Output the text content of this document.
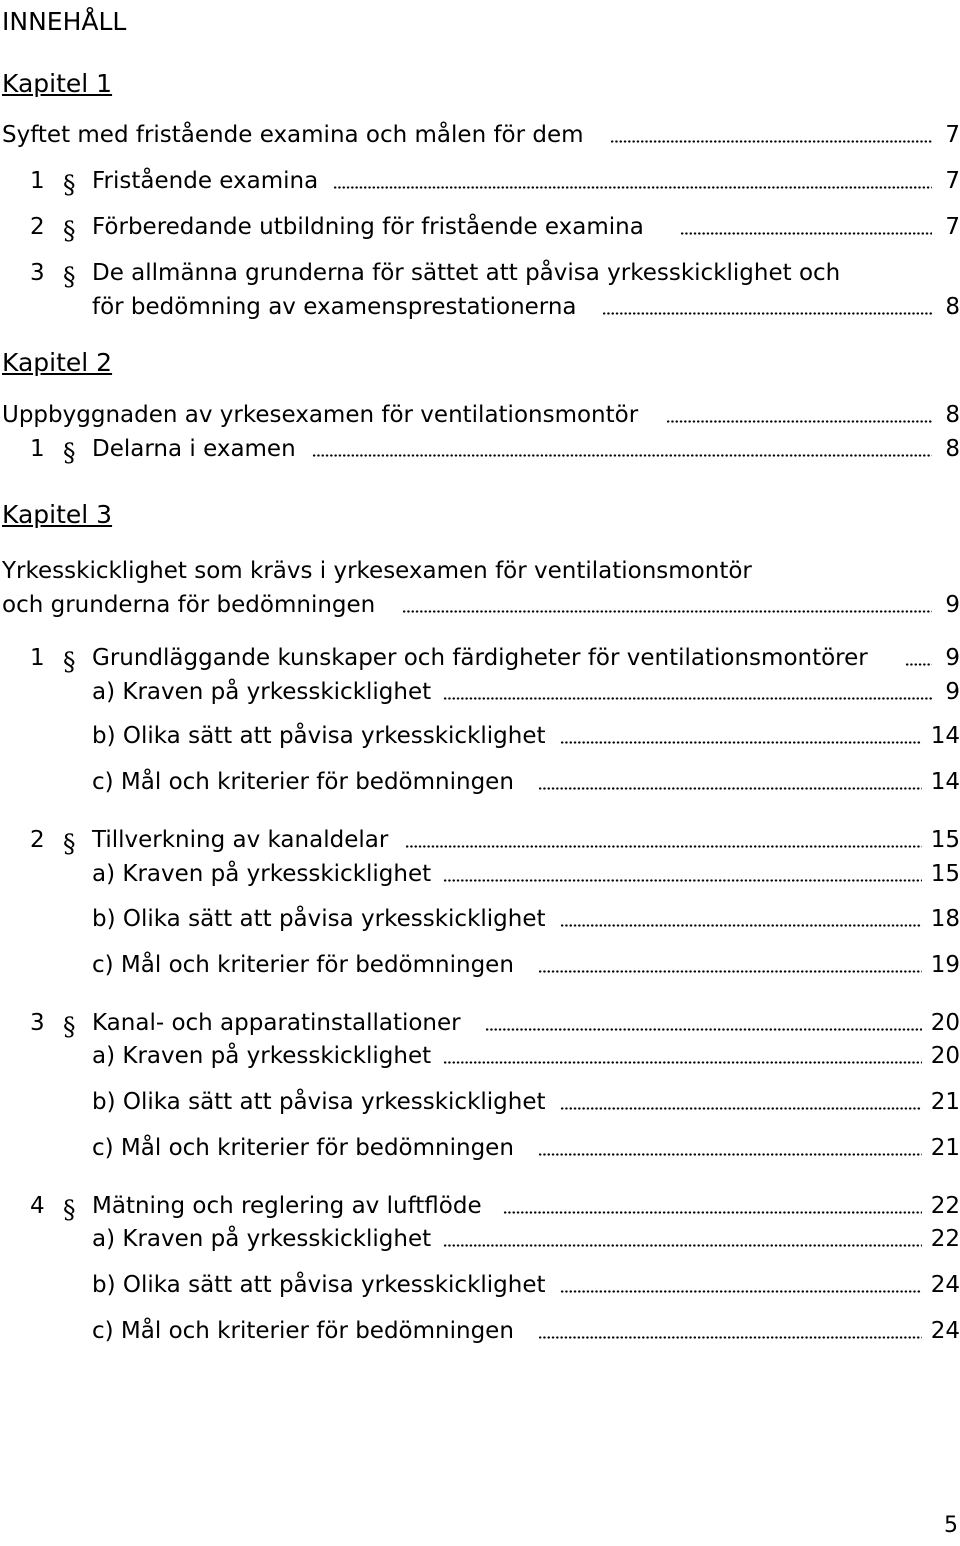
INNEHÅLL
Kapitel 1
Syftet med fristående examina och målen för dem	7
1 § Fristående examina	7
2 § Förberedande utbildning för fristående examina	7
3 § De allmänna grunderna för sättet att påvisa yrkesskicklighet och
för bedömning av examensprestationerna	8
Kapitel 2
Uppbyggnaden av yrkesexamen för ventilationsmontör	8
1 § Delarna i examen	8
Kapitel 3
Yrkesskicklighet som krävs i yrkesexamen för ventilationsmontör
och grunderna för bedömningen	9
1 § Grundläggande kunskaper och färdigheter för ventilationsmontörer	9
a) Kraven på yrkesskicklighet	9
b) Olika sätt att påvisa yrkesskicklighet	14
c) Mål och kriterier för bedömningen	14
2 § Tillverkning av kanaldelar	15
a) Kraven på yrkesskicklighet	15
b) Olika sätt att påvisa yrkesskicklighet	18
c) Mål och kriterier för bedömningen	19
3 § Kanal- och apparatinstallationer	20
a) Kraven på yrkesskicklighet	20
b) Olika sätt att påvisa yrkesskicklighet	21
c) Mål och kriterier för bedömningen	21
4 § Mätning och reglering av luftflöde	22
a) Kraven på yrkesskicklighet	22
b) Olika sätt att påvisa yrkesskicklighet	24
c) Mål och kriterier för bedömningen	24
5
